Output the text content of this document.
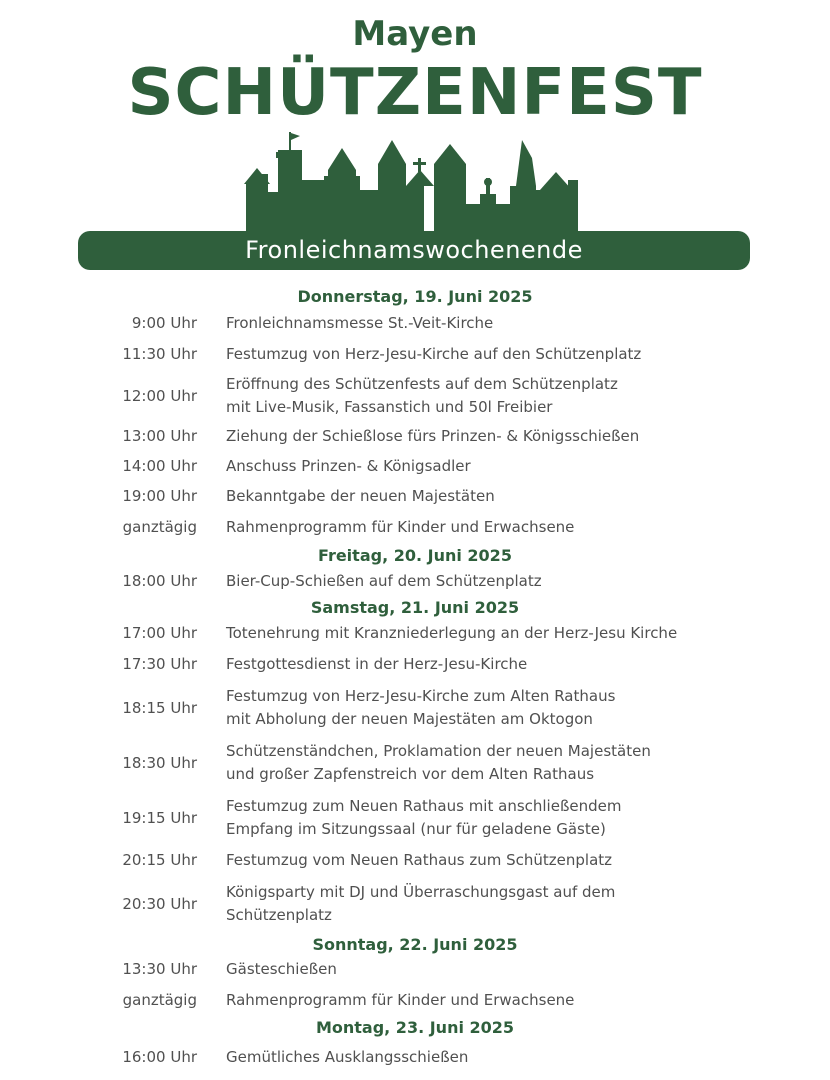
Mayen
SCHÜTZENFEST
Fronleichnamswochenende
Donnerstag, 19. Juni 2025
9:00 Uhr Fronleichnamsmesse St.-Veit-Kirche
11:30 Uhr Festumzug von Herz-Jesu-Kirche auf den Schützenplatz
12:00 Uhr
Eröffnung des Schützenfests auf dem Schützenplatz
mit Live-Musik, Fassanstich und 50l Freibier
13:00 Uhr Ziehung der Schießlose fürs Prinzen- & Königsschießen
14:00 Uhr Anschuss Prinzen- & Königsadler
19:00 Uhr Bekanntgabe der neuen Majestäten
ganztägig Rahmenprogramm für Kinder und Erwachsene
Freitag, 20. Juni 2025
18:00 Uhr Bier-Cup-Schießen auf dem Schützenplatz
Samstag, 21. Juni 2025
17:00 Uhr Totenehrung mit Kranzniederlegung an der Herz-Jesu Kirche
17:30 Uhr Festgottesdienst in der Herz-Jesu-Kirche
18:15 Uhr
Festumzug von Herz-Jesu-Kirche zum Alten Rathaus
mit Abholung der neuen Majestäten am Oktogon
18:30 Uhr
Schützenständchen, Proklamation der neuen Majestäten
und großer Zapfenstreich vor dem Alten Rathaus
19:15 Uhr
Festumzug zum Neuen Rathaus mit anschließendem
Empfang im Sitzungssaal (nur für geladene Gäste)
20:15 Uhr Festumzug vom Neuen Rathaus zum Schützenplatz
20:30 Uhr
Königsparty mit DJ und Überraschungsgast auf dem
Schützenplatz
Sonntag, 22. Juni 2025
13:30 Uhr Gästeschießen
ganztägig Rahmenprogramm für Kinder und Erwachsene
Montag, 23. Juni 2025
16:00 Uhr Gemütliches Ausklangsschießen
